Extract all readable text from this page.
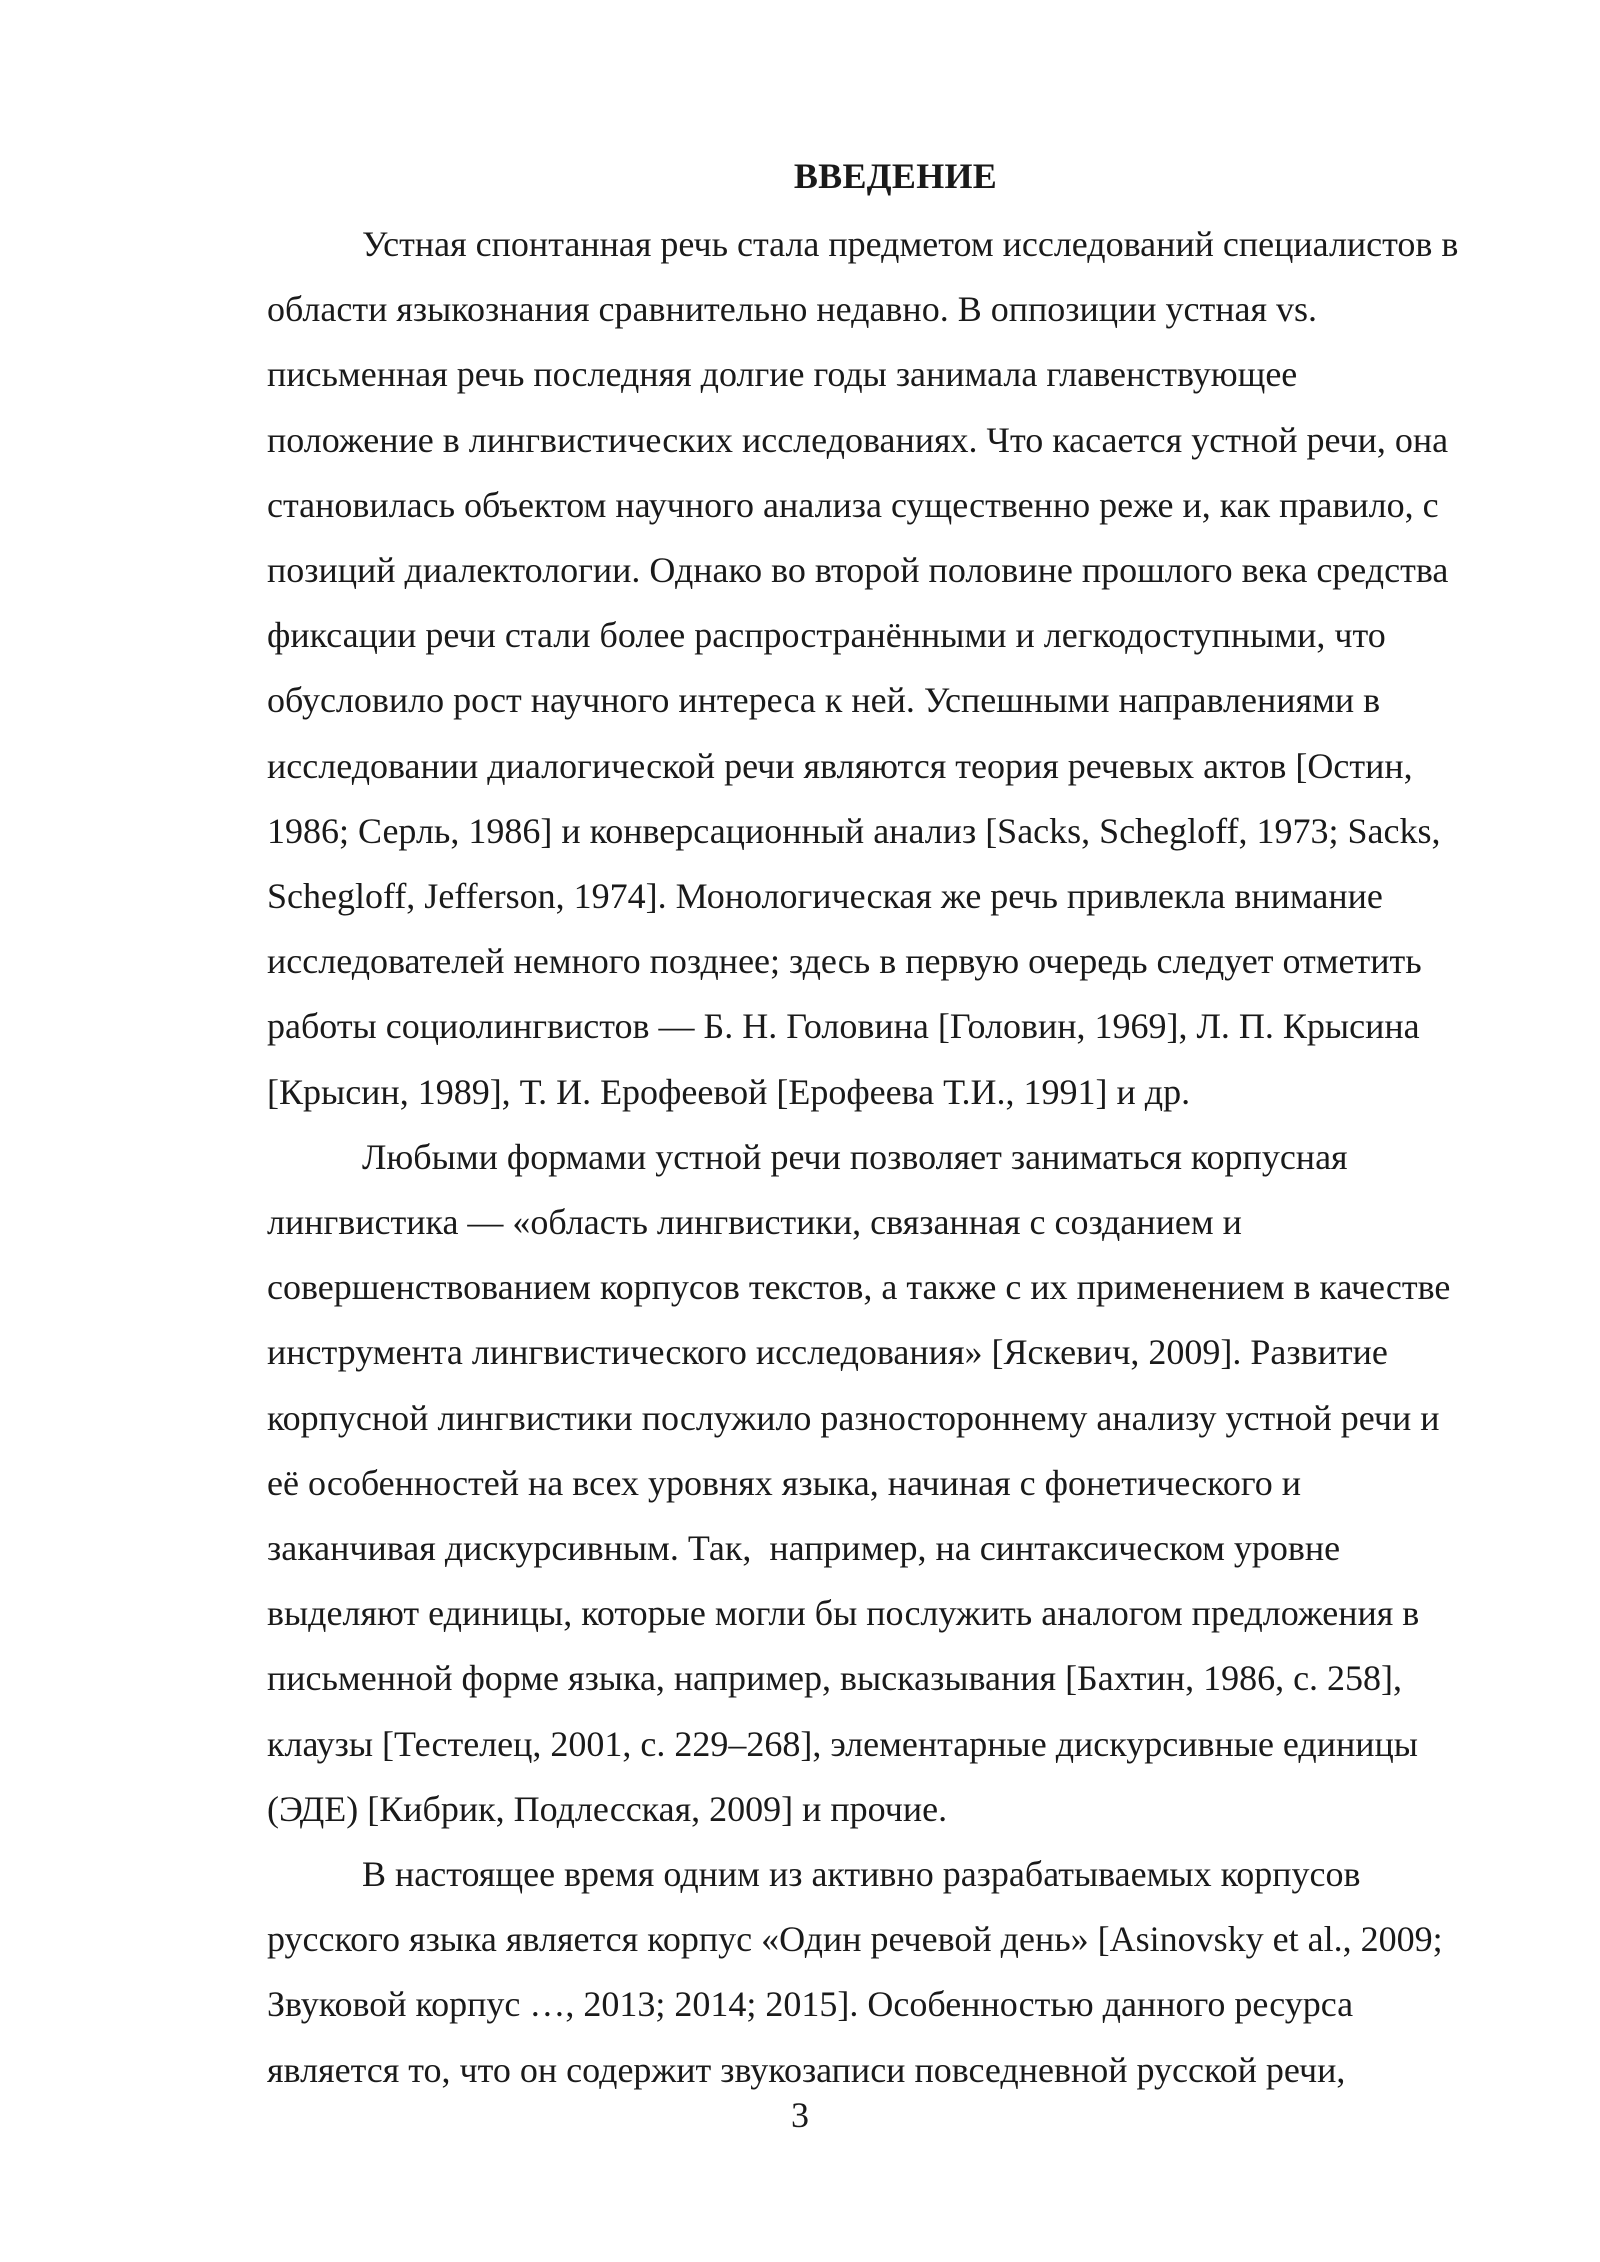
ВВЕДЕНИЕ
Устная спонтанная речь стала предметом исследований специалистов в
области языкознания сравнительно недавно. В оппозиции устная vs.
письменная речь последняя долгие годы занимала главенствующее
положение в лингвистических исследованиях. Что касается устной речи, она
становилась объектом научного анализа существенно реже и, как правило, с
позиций диалектологии. Однако во второй половине прошлого века средства
фиксации речи стали более распространёнными и легкодоступными, что
обусловило рост научного интереса к ней. Успешными направлениями в
исследовании диалогической речи являются теория речевых актов [Остин,
1986; Серль, 1986] и конверсационный анализ [Sacks, Schegloff, 1973; Sacks,
Schegloff, Jefferson, 1974]. Монологическая же речь привлекла внимание
исследователей немного позднее; здесь в первую очередь следует отметить
работы социолингвистов — Б. Н. Головина [Головин, 1969], Л. П. Крысина
[Крысин, 1989], Т. И. Ерофеевой [Ерофеева Т.И., 1991] и др.
Любыми формами устной речи позволяет заниматься корпусная
лингвистика — «область лингвистики, связанная с созданием и
совершенствованием корпусов текстов, а также с их применением в качестве
инструмента лингвистического исследования» [Яскевич, 2009]. Развитие
корпусной лингвистики послужило разностороннему анализу устной речи и
её особенностей на всех уровнях языка, начиная с фонетического и
заканчивая дискурсивным. Так,  например, на синтаксическом уровне
выделяют единицы, которые могли бы послужить аналогом предложения в
письменной форме языка, например, высказывания [Бахтин, 1986, с. 258],
клаузы [Тестелец, 2001, с. 229–268], элементарные дискурсивные единицы
(ЭДЕ) [Кибрик, Подлесская, 2009] и прочие.
В настоящее время одним из активно разрабатываемых корпусов
русского языка является корпус «Один речевой день» [Asinovsky et al., 2009;
Звуковой корпус …, 2013; 2014; 2015]. Особенностью данного ресурса
является то, что он содержит звукозаписи повседневной русской речи,
3
